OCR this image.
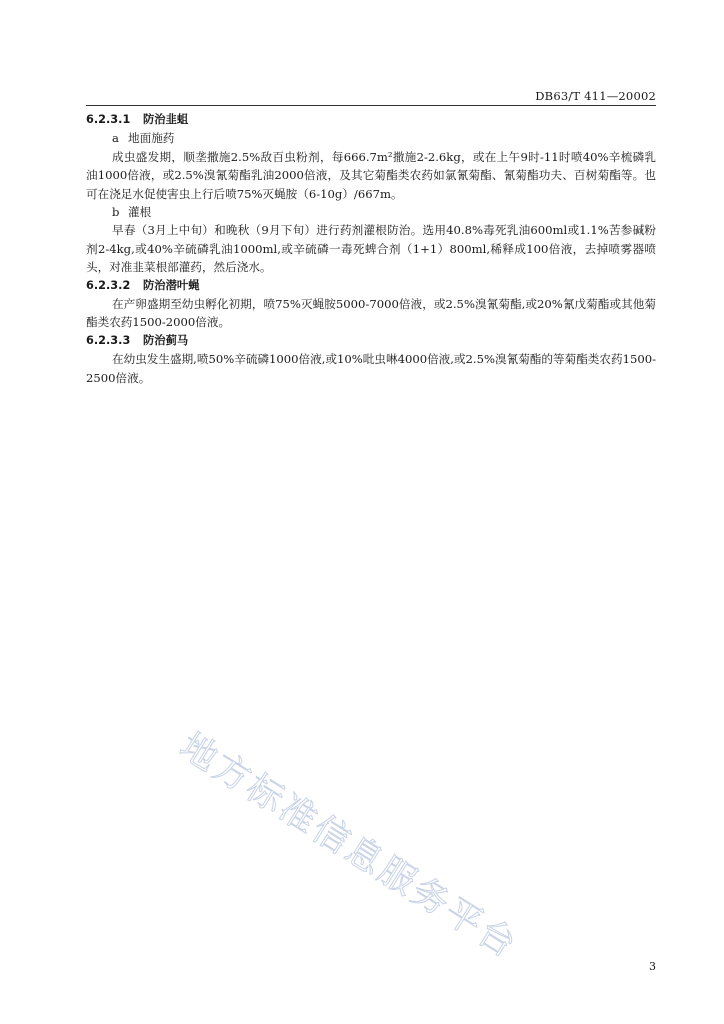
DB63/T 411—20002

6.2.3.1 防治韭蛆

a 地面施药

成虫盛发期，顺垄撒施2.5%敌百虫粉剂，每666.7m²撒施2-2.6kg，或在上午9时-11时喷40%辛梳磷乳油1000倍液，或2.5%溴氰菊酯乳油2000倍液，及其它菊酯类农药如氯氰菊酯、氰菊酯功夫、百树菊酯等。也可在浇足水促使害虫上行后喷75%灭蝇胺（6-10g）/667m。

b 灌根

早春（3月上中旬）和晚秋（9月下旬）进行药剂灌根防治。选用40.8%毒死乳油600ml或1.1%苦参碱粉剂2-4kg,或40%辛硫磷乳油1000ml,或辛硫磷一毒死蜱合剂（1+1）800ml,稀释成100倍液，去掉喷雾器喷头，对准韭菜根部灌药，然后浇水。

6.2.3.2 防治潜叶蝇

在产卵盛期至幼虫孵化初期，喷75%灭蝇胺5000-7000倍液，或2.5%溴氰菊酯,或20%氰戊菊酯或其他菊酯类农药1500-2000倍液。

6.2.3.3 防治蓟马

在幼虫发生盛期,喷50%辛硫磷1000倍液,或10%吡虫啉4000倍液,或2.5%溴氰菊酯的等菊酯类农药1500-2500倍液。

地方标准信息服务平台	3
